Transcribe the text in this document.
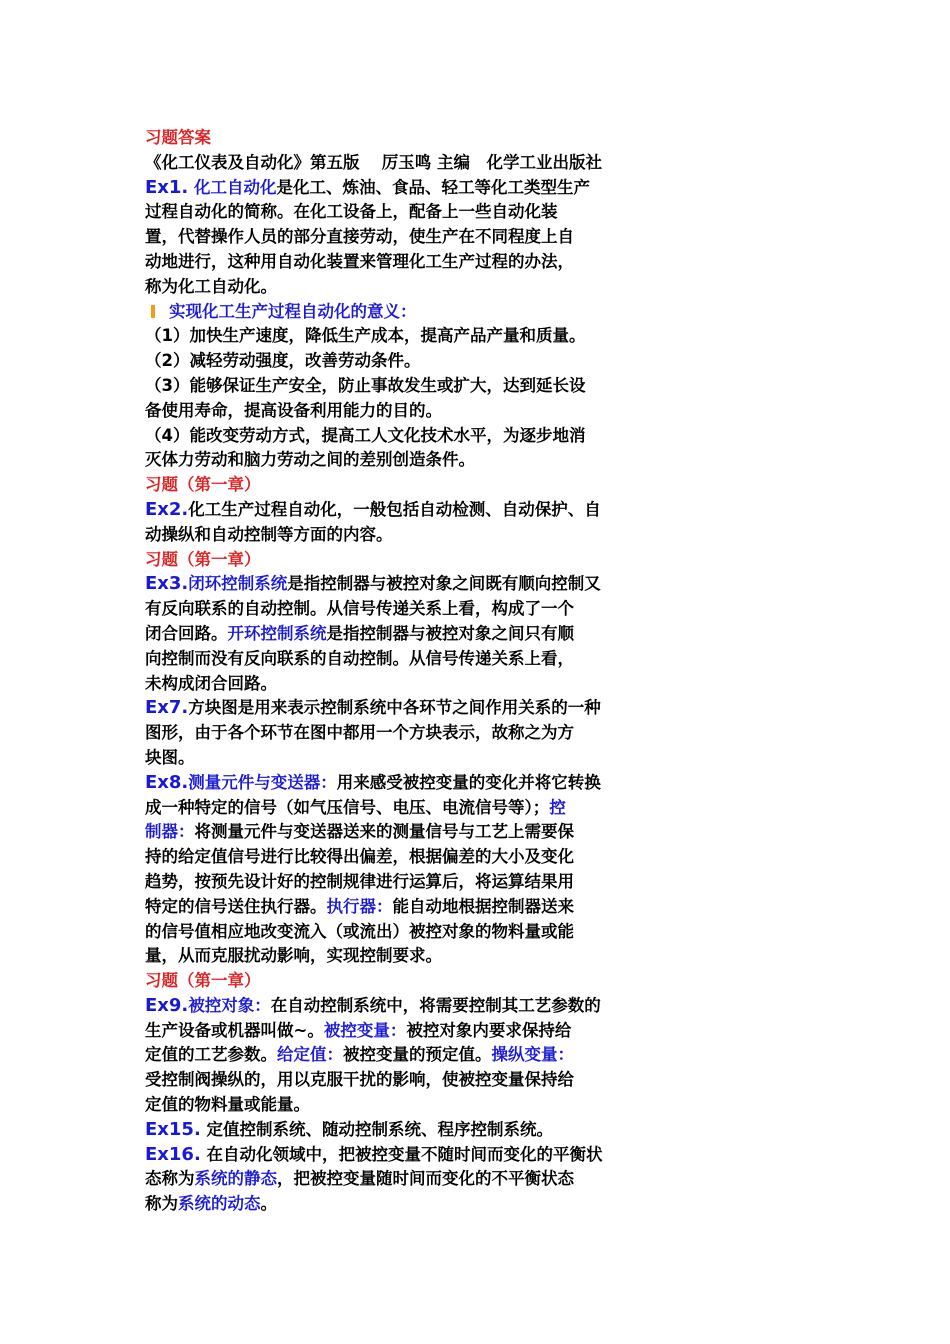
习题答案
《化工仪表及自动化》第五版　 厉玉鸣 主编　化学工业出版社
Ex1. 化工自动化是化工、炼油、食品、轻工等化工类型生产
过程自动化的简称。在化工设备上，配备上一些自动化装
置，代替操作人员的部分直接劳动，使生产在不同程度上自
动地进行，这种用自动化装置来管理化工生产过程的办法，
称为化工自动化。
实现化工生产过程自动化的意义：
（1）加快生产速度，降低生产成本，提高产品产量和质量。
（2）减轻劳动强度，改善劳动条件。
（3）能够保证生产安全，防止事故发生或扩大，达到延长设
备使用寿命，提高设备利用能力的目的。
（4）能改变劳动方式，提高工人文化技术水平，为逐步地消
灭体力劳动和脑力劳动之间的差别创造条件。
习题（第一章）
Ex2.化工生产过程自动化，一般包括自动检测、自动保护、自
动操纵和自动控制等方面的内容。
习题（第一章）
Ex3.闭环控制系统是指控制器与被控对象之间既有顺向控制又
有反向联系的自动控制。从信号传递关系上看，构成了一个
闭合回路。开环控制系统是指控制器与被控对象之间只有顺
向控制而没有反向联系的自动控制。从信号传递关系上看，
未构成闭合回路。
Ex7.方块图是用来表示控制系统中各环节之间作用关系的一种
图形，由于各个环节在图中都用一个方块表示，故称之为方
块图。
Ex8.测量元件与变送器：用来感受被控变量的变化并将它转换
成一种特定的信号（如气压信号、电压、电流信号等）；控
制器：将测量元件与变送器送来的测量信号与工艺上需要保
持的给定值信号进行比较得出偏差，根据偏差的大小及变化
趋势，按预先设计好的控制规律进行运算后，将运算结果用
特定的信号送住执行器。执行器：能自动地根据控制器送来
的信号值相应地改变流入（或流出）被控对象的物料量或能
量，从而克服扰动影响，实现控制要求。
习题（第一章）
Ex9.被控对象：在自动控制系统中，将需要控制其工艺参数的
生产设备或机器叫做~。被控变量：被控对象内要求保持给
定值的工艺参数。给定值：被控变量的预定值。操纵变量：
受控制阀操纵的，用以克服干扰的影响，使被控变量保持给
定值的物料量或能量。
Ex15. 定值控制系统、随动控制系统、程序控制系统。
Ex16. 在自动化领域中，把被控变量不随时间而变化的平衡状
态称为系统的静态，把被控变量随时间而变化的不平衡状态
称为系统的动态。
